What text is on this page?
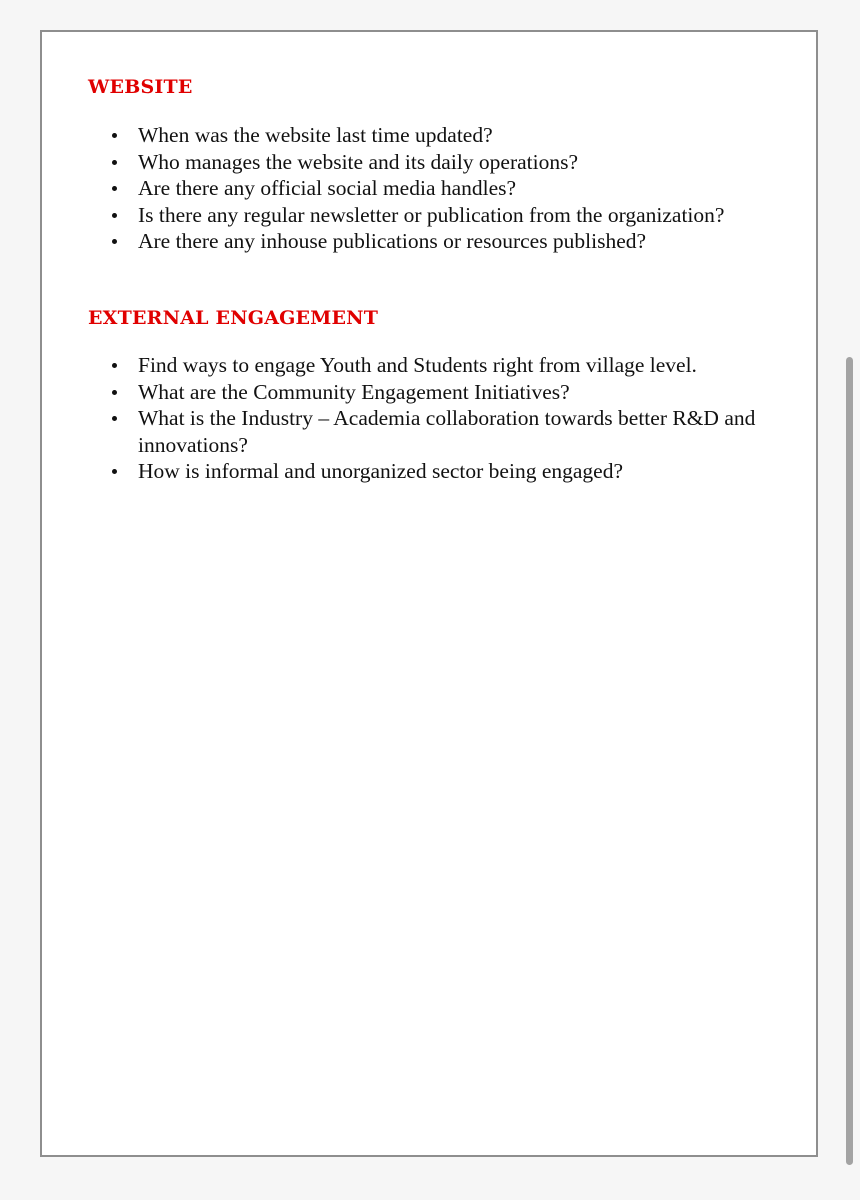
WEBSITE
When was the website last time updated?
Who manages the website and its daily operations?
Are there any official social media handles?
Is there any regular newsletter or publication from the organization?
Are there any inhouse publications or resources published?
EXTERNAL ENGAGEMENT
Find ways to engage Youth and Students right from village level.
What are the Community Engagement Initiatives?
What is the Industry – Academia collaboration towards better R&D and innovations?
How is informal and unorganized sector being engaged?
